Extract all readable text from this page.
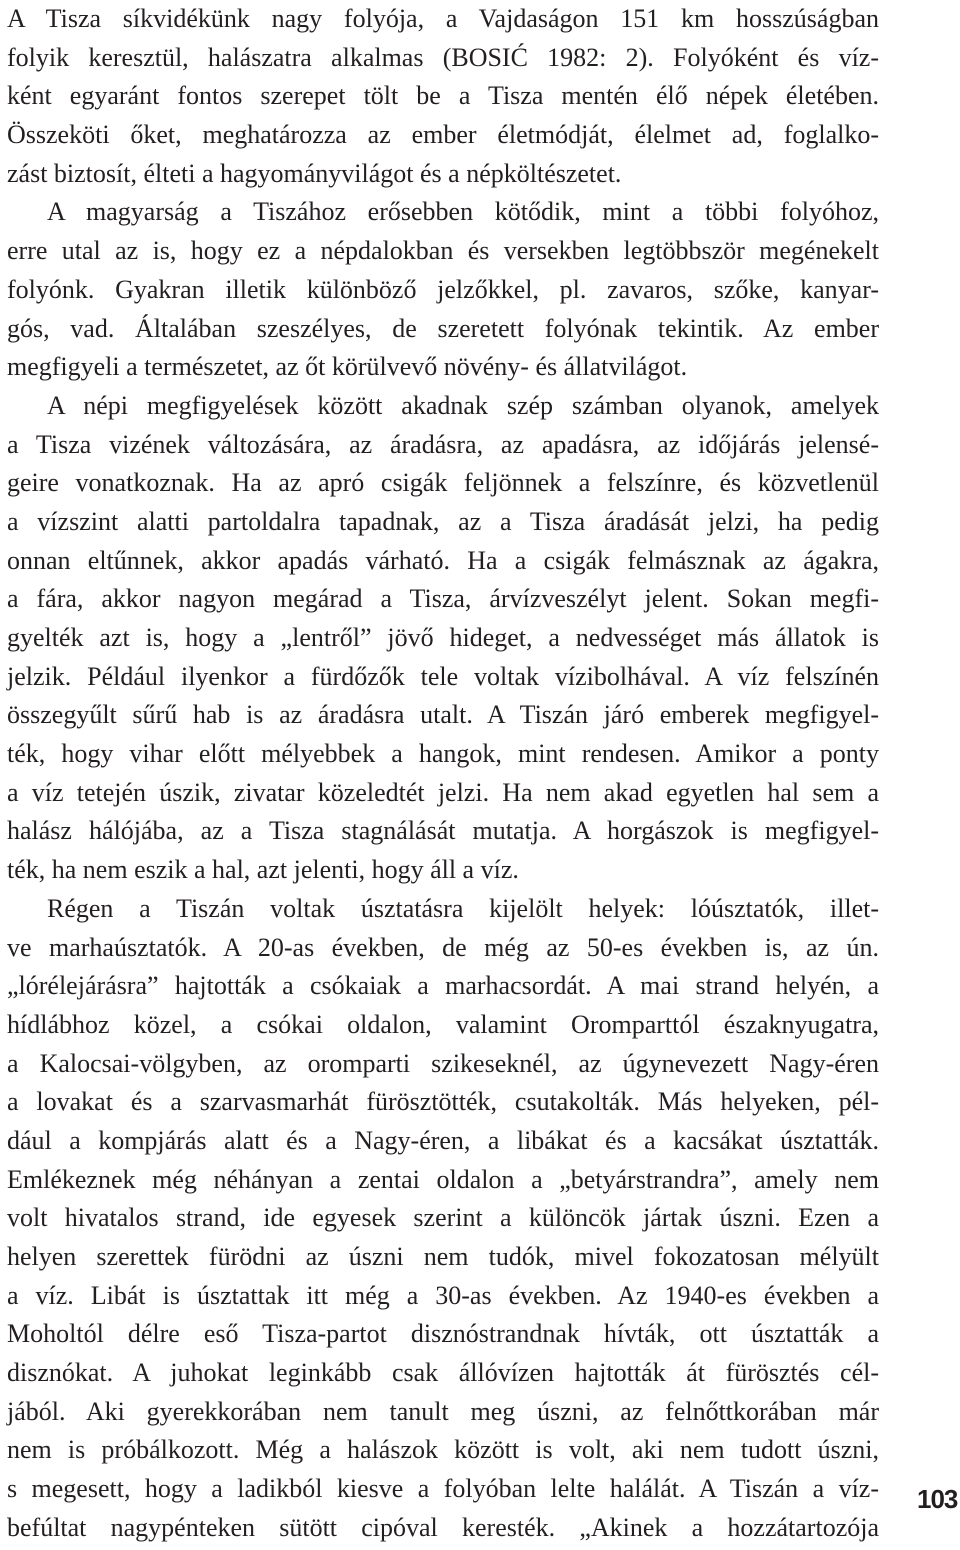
A Tisza síkvidékünk nagy folyója, a Vajdaságon 151 km hosszúságban
folyik keresztül, halászatra alkalmas (BOSIĆ 1982: 2). Folyóként és víz-
ként egyaránt fontos szerepet tölt be a Tisza mentén élő népek életében.
Összeköti őket, meghatározza az ember életmódját, élelmet ad, foglalko-
zást biztosít, élteti a hagyományvilágot és a népköltészetet.
A magyarság a Tiszához erősebben kötődik, mint a többi folyóhoz,
erre utal az is, hogy ez a népdalokban és versekben legtöbbször megénekelt
folyónk. Gyakran illetik különböző jelzőkkel, pl. zavaros, szőke, kanyar-
gós, vad. Általában szeszélyes, de szeretett folyónak tekintik. Az ember
megfigyeli a természetet, az őt körülvevő növény- és állatvilágot.
A népi megfigyelések között akadnak szép számban olyanok, amelyek
a Tisza vizének változására, az áradásra, az apadásra, az időjárás jelensé-
geire vonatkoznak. Ha az apró csigák feljönnek a felszínre, és közvetlenül
a vízszint alatti partoldalra tapadnak, az a Tisza áradását jelzi, ha pedig
onnan eltűnnek, akkor apadás várható. Ha a csigák felmásznak az ágakra,
a fára, akkor nagyon megárad a Tisza, árvízveszélyt jelent. Sokan megfi-
gyelték azt is, hogy a „lentről” jövő hideget, a nedvességet más állatok is
jelzik. Például ilyenkor a fürdőzők tele voltak vízibolhával. A víz felszínén
összegyűlt sűrű hab is az áradásra utalt. A Tiszán járó emberek megfigyel-
ték, hogy vihar előtt mélyebbek a hangok, mint rendesen. Amikor a ponty
a víz tetején úszik, zivatar közeledtét jelzi. Ha nem akad egyetlen hal sem a
halász hálójába, az a Tisza stagnálását mutatja. A horgászok is megfigyel-
ték, ha nem eszik a hal, azt jelenti, hogy áll a víz.
Régen a Tiszán voltak úsztatásra kijelölt helyek: lóúsztatók, illet-
ve marhaúsztatók. A 20-as években, de még az 50-es években is, az ún.
„lórélejárásra” hajtották a csókaiak a marhacsordát. A mai strand helyén, a
hídlábhoz közel, a csókai oldalon, valamint Oromparttól északnyugatra,
a Kalocsai-völgyben, az oromparti szikeseknél, az úgynevezett Nagy-éren
a lovakat és a szarvasmarhát fürösztötték, csutakolták. Más helyeken, pél-
dául a kompjárás alatt és a Nagy-éren, a libákat és a kacsákat úsztatták.
Emlékeznek még néhányan a zentai oldalon a „betyárstrandra”, amely nem
volt hivatalos strand, ide egyesek szerint a különcök jártak úszni. Ezen a
helyen szerettek fürödni az úszni nem tudók, mivel fokozatosan mélyült
a víz. Libát is úsztattak itt még a 30-as években. Az 1940-es években a
Moholtól délre eső Tisza-partot disznóstrandnak hívták, ott úsztatták a
disznókat. A juhokat leginkább csak állóvízen hajtották át fürösztés cél-
jából. Aki gyerekkorában nem tanult meg úszni, az felnőttkorában már
nem is próbálkozott. Még a halászok között is volt, aki nem tudott úszni,
s megesett, hogy a ladikból kiesve a folyóban lelte halálát. A Tiszán a víz-
befúltat nagypénteken sütött cipóval keresték. „Akinek a hozzátartozója
103
